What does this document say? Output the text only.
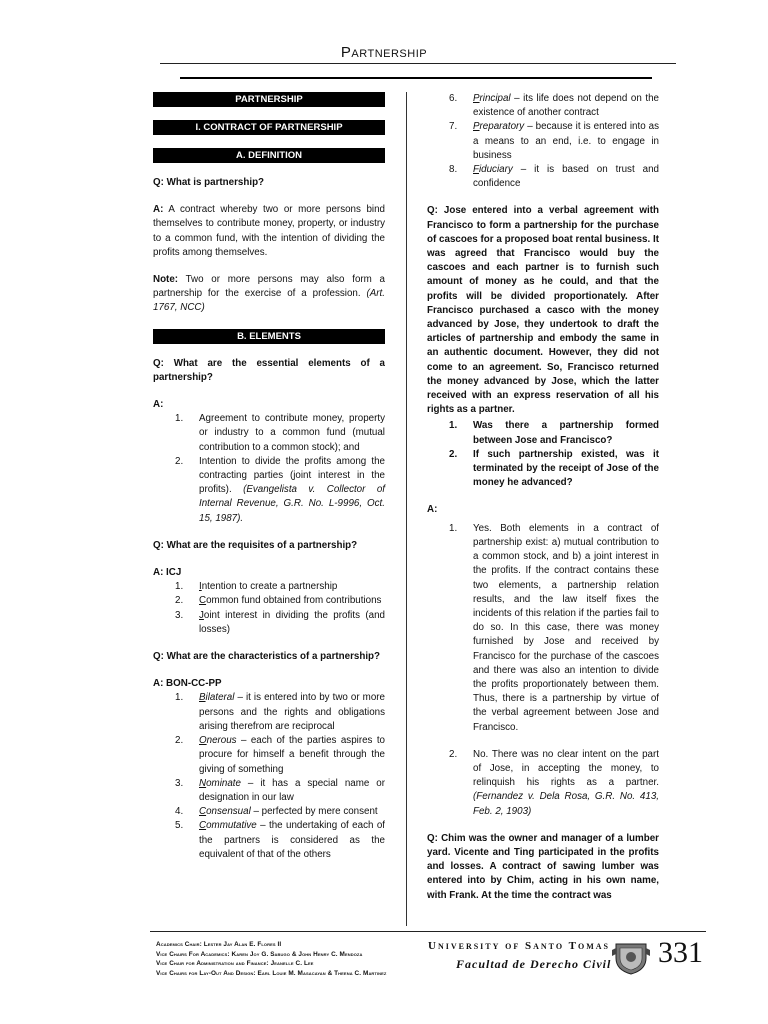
Partnership
PARTNERSHIP
I. CONTRACT OF PARTNERSHIP
A. DEFINITION

Q: What is partnership?

A: A contract whereby two or more persons bind themselves to contribute money, property, or industry to a common fund, with the intention of dividing the profits among themselves.

Note: Two or more persons may also form a partnership for the exercise of a profession. (Art. 1767, NCC)

B. ELEMENTS

Q: What are the essential elements of a partnership?

A:

1. Agreement to contribute money, property or industry to a common fund (mutual contribution to a common stock); and
2. Intention to divide the profits among the contracting parties (joint interest in the profits). (Evangelista v. Collector of Internal Revenue, G.R. No. L-9996, Oct. 15, 1987).

Q: What are the requisites of a partnership?

A: ICJ

1. Intention to create a partnership
2. Common fund obtained from contributions
3. Joint interest in dividing the profits (and losses)

Q: What are the characteristics of a partnership?

A: BON-CC-PP

1. Bilateral – it is entered into by two or more persons and the rights and obligations arising therefrom are reciprocal
2. Onerous – each of the parties aspires to procure for himself a benefit through the giving of something
3. Nominate – it has a special name or designation in our law
4. Consensual – perfected by mere consent
5. Commutative – the undertaking of each of the partners is considered as the equivalent of that of the others
6. Principal – its life does not depend on the existence of another contract
7. Preparatory – because it is entered into as a means to an end, i.e. to engage in business
8. Fiduciary – it is based on trust and confidence

Q: Jose entered into a verbal agreement with Francisco to form a partnership for the purchase of cascoes for a proposed boat rental business. It was agreed that Francisco would buy the cascoes and each partner is to furnish such amount of money as he could, and that the profits will be divided proportionately. After Francisco purchased a casco with the money advanced by Jose, they undertook to draft the articles of partnership and embody the same in an authentic document. However, they did not come to an agreement. So, Francisco returned the money advanced by Jose, which the latter received with an express reservation of all his rights as a partner.

1. Was there a partnership formed between Jose and Francisco?
2. If such partnership existed, was it terminated by the receipt of Jose of the money he advanced?

A:

1. Yes. Both elements in a contract of partnership exist: a) mutual contribution to a common stock, and b) a joint interest in the profits. If the contract contains these two elements, a partnership relation results, and the law itself fixes the incidents of this relation if the parties fail to do so. In this case, there was money furnished by Jose and received by Francisco for the purchase of the cascoes and there was also an intention to divide the profits proportionately between them. Thus, there is a partnership by virtue of the verbal agreement between Jose and Francisco.
2. No. There was no clear intent on the part of Jose, in accepting the money, to relinquish his rights as a partner. (Fernandez v. Dela Rosa, G.R. No. 413, Feb. 2, 1903)

Q: Chim was the owner and manager of a lumber yard. Vicente and Ting participated in the profits and losses. A contract of sawing lumber was entered into by Chim, acting in his own name, with Frank. At the time the contract was

Academics Chair: Lester Jay Alan E. Flores II
Vice Chairs For Academics: Karen Joy G. Sabugo & John Henry C. Mendoza
Vice Chair for Administration and Finance: Jeanelle C. Lee
Vice Chairs for Lay-Out And Design: Earl Louie M. Masacayan & Theena C. Martinez
University of Santo Tomas
Facultad de Derecho Civil 331
